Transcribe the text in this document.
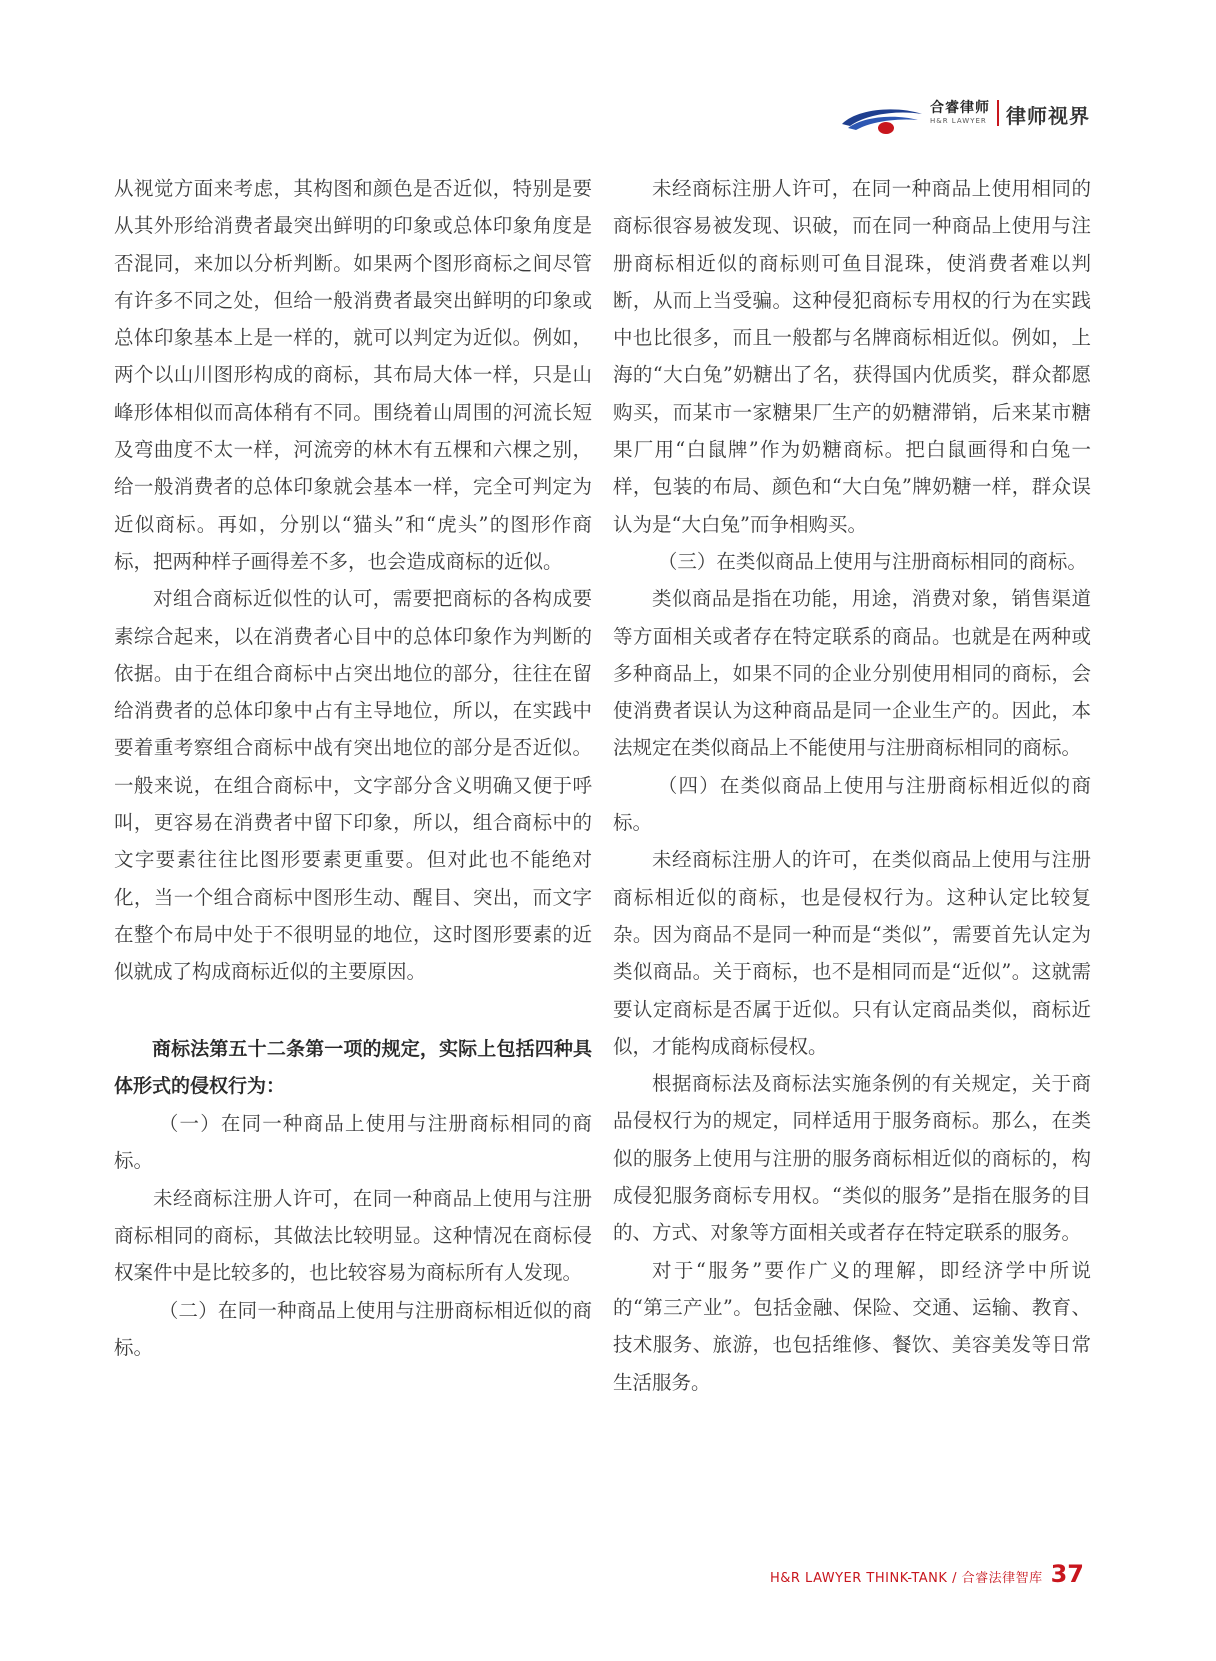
合睿律师
H&R LAWYER 律师视界

从视觉方面来考虑，其构图和颜色是否近似，特别是要从其外形给消费者最突出鲜明的印象或总体印象角度是否混同，来加以分析判断。如果两个图形商标之间尽管有许多不同之处，但给一般消费者最突出鲜明的印象或总体印象基本上是一样的，就可以判定为近似。例如，两个以山川图形构成的商标，其布局大体一样，只是山峰形体相似而高体稍有不同。围绕着山周围的河流长短及弯曲度不太一样，河流旁的林木有五棵和六棵之别，给一般消费者的总体印象就会基本一样，完全可判定为近似商标。再如，分别以“猫头”和“虎头”的图形作商标，把两种样子画得差不多，也会造成商标的近似。

对组合商标近似性的认可，需要把商标的各构成要素综合起来，以在消费者心目中的总体印象作为判断的依据。由于在组合商标中占突出地位的部分，往往在留给消费者的总体印象中占有主导地位，所以，在实践中要着重考察组合商标中战有突出地位的部分是否近似。一般来说，在组合商标中，文字部分含义明确又便于呼叫，更容易在消费者中留下印象，所以，组合商标中的文字要素往往比图形要素更重要。但对此也不能绝对化，当一个组合商标中图形生动、醒目、突出，而文字在整个布局中处于不很明显的地位，这时图形要素的近似就成了构成商标近似的主要原因。

商标法第五十二条第一项的规定，实际上包括四种具体形式的侵权行为：

（一）在同一种商品上使用与注册商标相同的商标。

未经商标注册人许可，在同一种商品上使用与注册商标相同的商标，其做法比较明显。这种情况在商标侵权案件中是比较多的，也比较容易为商标所有人发现。

（二）在同一种商品上使用与注册商标相近似的商标。

未经商标注册人许可，在同一种商品上使用相同的商标很容易被发现、识破，而在同一种商品上使用与注册商标相近似的商标则可鱼目混珠，使消费者难以判断，从而上当受骗。这种侵犯商标专用权的行为在实践中也比很多，而且一般都与名牌商标相近似。例如，上海的“大白兔”奶糖出了名，获得国内优质奖，群众都愿购买，而某市一家糖果厂生产的奶糖滞销，后来某市糖果厂用“白鼠牌”作为奶糖商标。把白鼠画得和白兔一样，包装的布局、颜色和“大白兔”牌奶糖一样，群众误认为是“大白兔”而争相购买。

（三）在类似商品上使用与注册商标相同的商标。

类似商品是指在功能，用途，消费对象，销售渠道等方面相关或者存在特定联系的商品。也就是在两种或多种商品上，如果不同的企业分别使用相同的商标，会使消费者误认为这种商品是同一企业生产的。因此，本法规定在类似商品上不能使用与注册商标相同的商标。

（四）在类似商品上使用与注册商标相近似的商标。

未经商标注册人的许可，在类似商品上使用与注册商标相近似的商标，也是侵权行为。这种认定比较复杂。因为商品不是同一种而是“类似”，需要首先认定为类似商品。关于商标，也不是相同而是“近似”。这就需要认定商标是否属于近似。只有认定商品类似，商标近似，才能构成商标侵权。

根据商标法及商标法实施条例的有关规定，关于商品侵权行为的规定，同样适用于服务商标。那么，在类似的服务上使用与注册的服务商标相近似的商标的，构成侵犯服务商标专用权。“类似的服务”是指在服务的目的、方式、对象等方面相关或者存在特定联系的服务。

对于“服务”要作广义的理解，即经济学中所说的“第三产业”。包括金融、保险、交通、运输、教育、技术服务、旅游，也包括维修、餐饮、美容美发等日常生活服务。

H&R LAWYER THINK-TANK / 合睿法律智库 37
